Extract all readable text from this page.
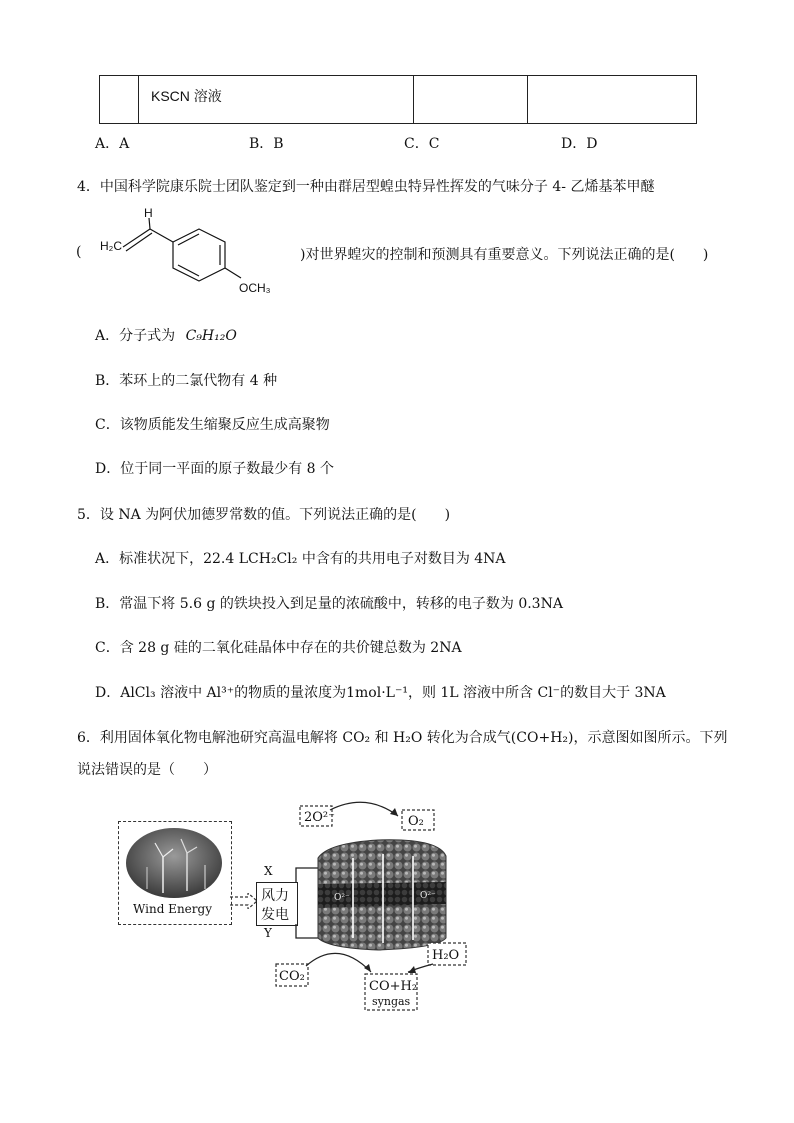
KSCN 溶液

A．A	B．B	C．C	D．D
4．中国科学院康乐院士团队鉴定到一种由群居型蝗虫特异性挥发的气味分子 4- 乙烯基苯甲醚
(
H
H₂C
OCH₃
)对世界蝗灾的控制和预测具有重要意义。下列说法正确的是(　　)
A．分子式为 C₉H₁₂O
B．苯环上的二氯代物有 4 种
C．该物质能发生缩聚反应生成高聚物
D．位于同一平面的原子数最少有 8 个
5．设 NA 为阿伏加德罗常数的值。下列说法正确的是(　　)
A．标准状况下，22.4 LCH₂Cl₂ 中含有的共用电子对数目为 4NA
B．常温下将 5.6 g 的铁块投入到足量的浓硫酸中，转移的电子数为 0.3NA
C．含 28 g 硅的二氧化硅晶体中存在的共价键总数为 2NA
D．AlCl₃ 溶液中 Al³⁺的物质的量浓度为1mol·L⁻¹，则 1L 溶液中所含 Cl⁻的数目大于 3NA
6．利用固体氧化物电解池研究高温电解将 CO₂ 和 H₂O 转化为合成气(CO+H₂)，示意图如图所示。下列
说法错误的是（　　）
Wind Energy
风力
发电
X
Y
O²⁻	O²⁻
2O²⁻	O₂
CO₂
H₂O
CO+H₂
syngas
